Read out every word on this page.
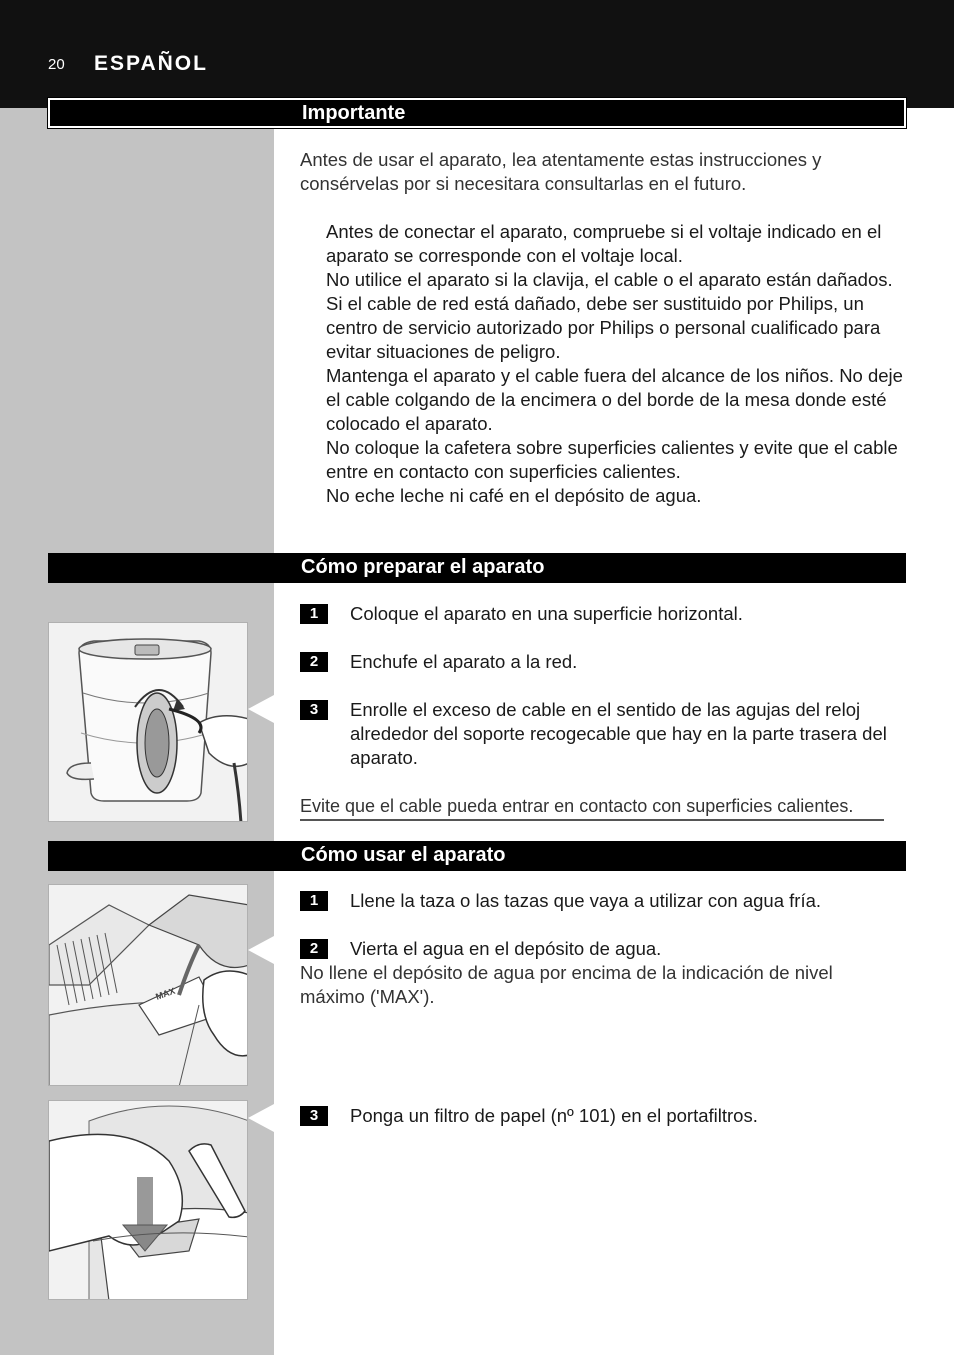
20 ESPAÑOL
Importante

Antes de usar el aparato, lea atentamente estas instrucciones y consérvelas por si necesitara consultarlas en el futuro.

Antes de conectar el aparato, compruebe si el voltaje indicado en el aparato se corresponde con el voltaje local.
No utilice el aparato si la clavija, el cable o el aparato están dañados.
Si el cable de red está dañado, debe ser sustituido por Philips, un centro de servicio autorizado por Philips o personal cualificado para evitar situaciones de peligro.
Mantenga el aparato y el cable fuera del alcance de los niños. No deje el cable colgando de la encimera o del borde de la mesa donde esté colocado el aparato.
No coloque la cafetera sobre superficies calientes y evite que el cable entre en contacto con superficies calientes.
No eche leche ni café en el depósito de agua.
Cómo preparar el aparato
1	Coloque el aparato en una superficie horizontal.
2	Enchufe el aparato a la red.
3	Enrolle el exceso de cable en el sentido de las agujas del reloj alrededor del soporte recogecable que hay en la parte trasera del aparato.

Evite que el cable pueda entrar en contacto con superficies calientes.

Cómo usar el aparato
MAX
1	Llene la taza o las tazas que vaya a utilizar con agua fría.
2	Vierta el agua en el depósito de agua.

No llene el depósito de agua por encima de la indicación de nivel máximo ('MAX').

3	Ponga un filtro de papel (nº 101) en el portafiltros.
